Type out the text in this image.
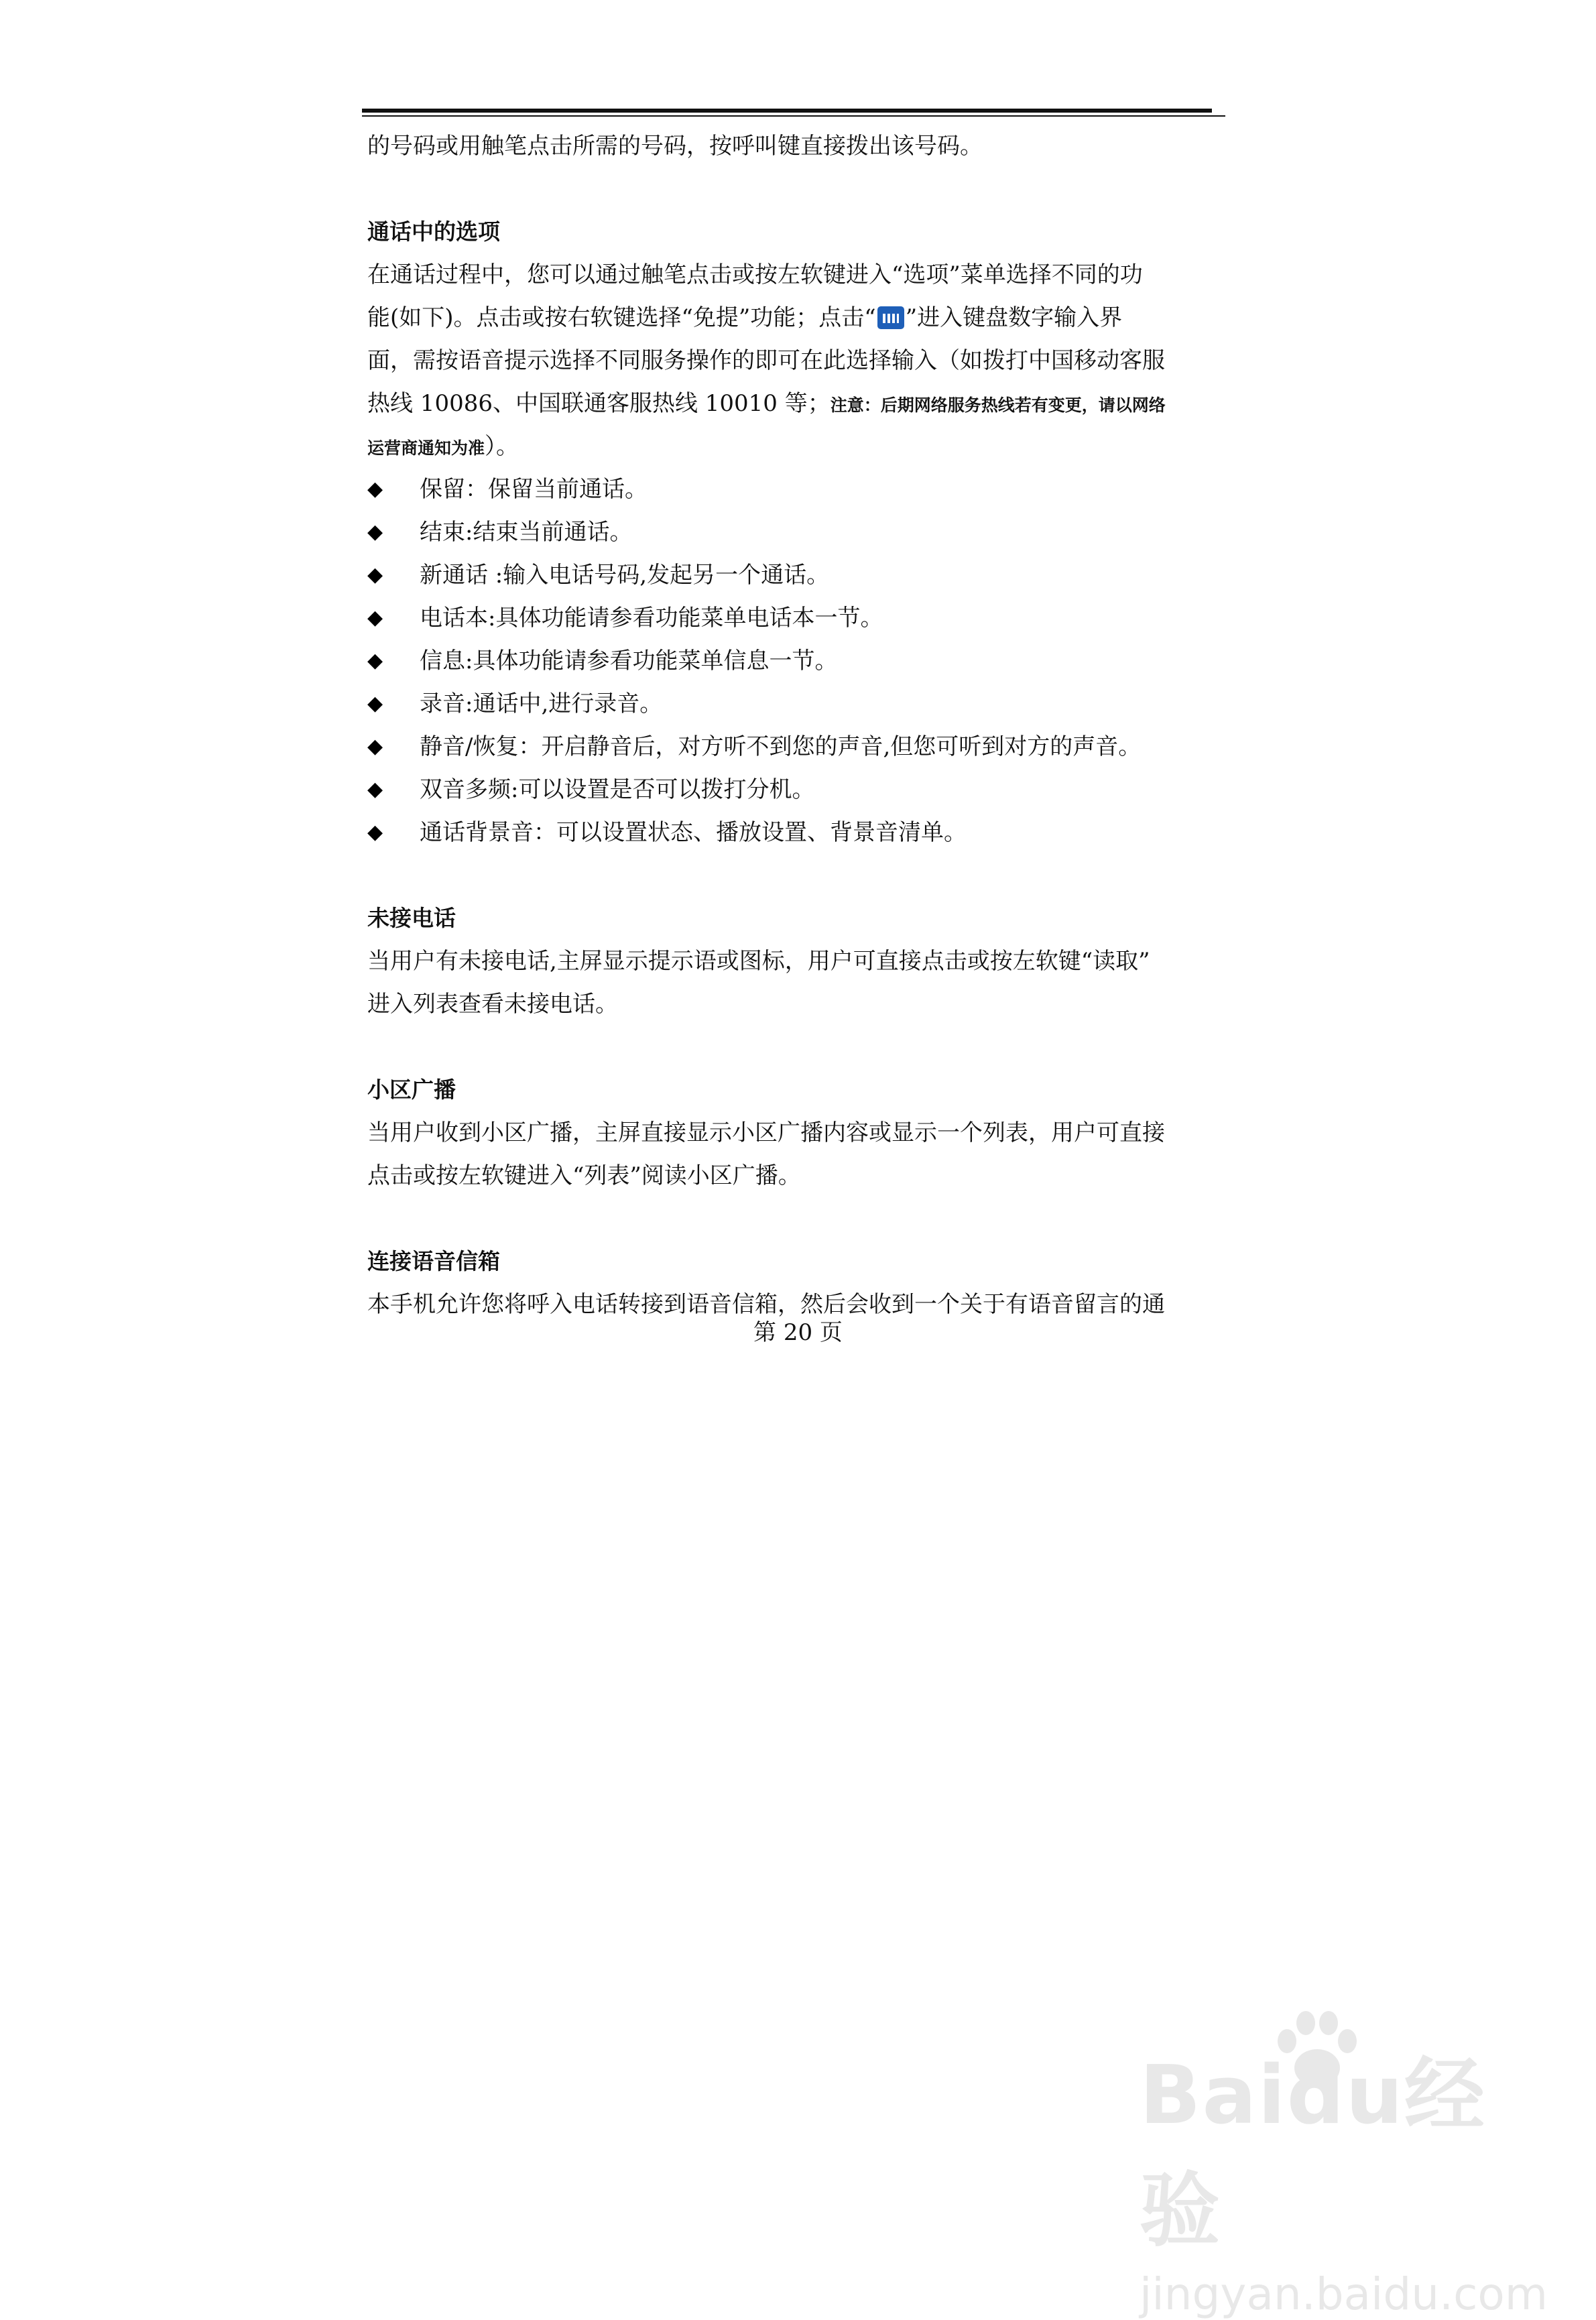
的号码或用触笔点击所需的号码，按呼叫键直接拨出该号码。
通话中的选项
在通话过程中，您可以通过触笔点击或按左软键进入“选项”菜单选择不同的功
能(如下)。点击或按右软键选择“免提”功能；点击“ ”进入键盘数字输入界
面，需按语音提示选择不同服务操作的即可在此选择输入（如拨打中国移动客服
热线 10086、中国联通客服热线 10010 等；注意：后期网络服务热线若有变更，请以网络
运营商通知为准）。
◆	保留：保留当前通话。
◆	结束:结束当前通话。
◆	新通话 :输入电话号码,发起另一个通话。
◆	电话本:具体功能请参看功能菜单电话本一节。
◆	信息:具体功能请参看功能菜单信息一节。
◆	录音:通话中,进行录音。
◆	静音/恢复：开启静音后，对方听不到您的声音,但您可听到对方的声音。
◆	双音多频:可以设置是否可以拨打分机。
◆	通话背景音：可以设置状态、播放设置、背景音清单。
未接电话
当用户有未接电话,主屏显示提示语或图标，用户可直接点击或按左软键“读取”
进入列表查看未接电话。
小区广播
当用户收到小区广播，主屏直接显示小区广播内容或显示一个列表，用户可直接
点击或按左软键进入“列表”阅读小区广播。
连接语音信箱
本手机允许您将呼入电话转接到语音信箱，然后会收到一个关于有语音留言的通
第 20 页
Baidu经验
jingyan.baidu.com
